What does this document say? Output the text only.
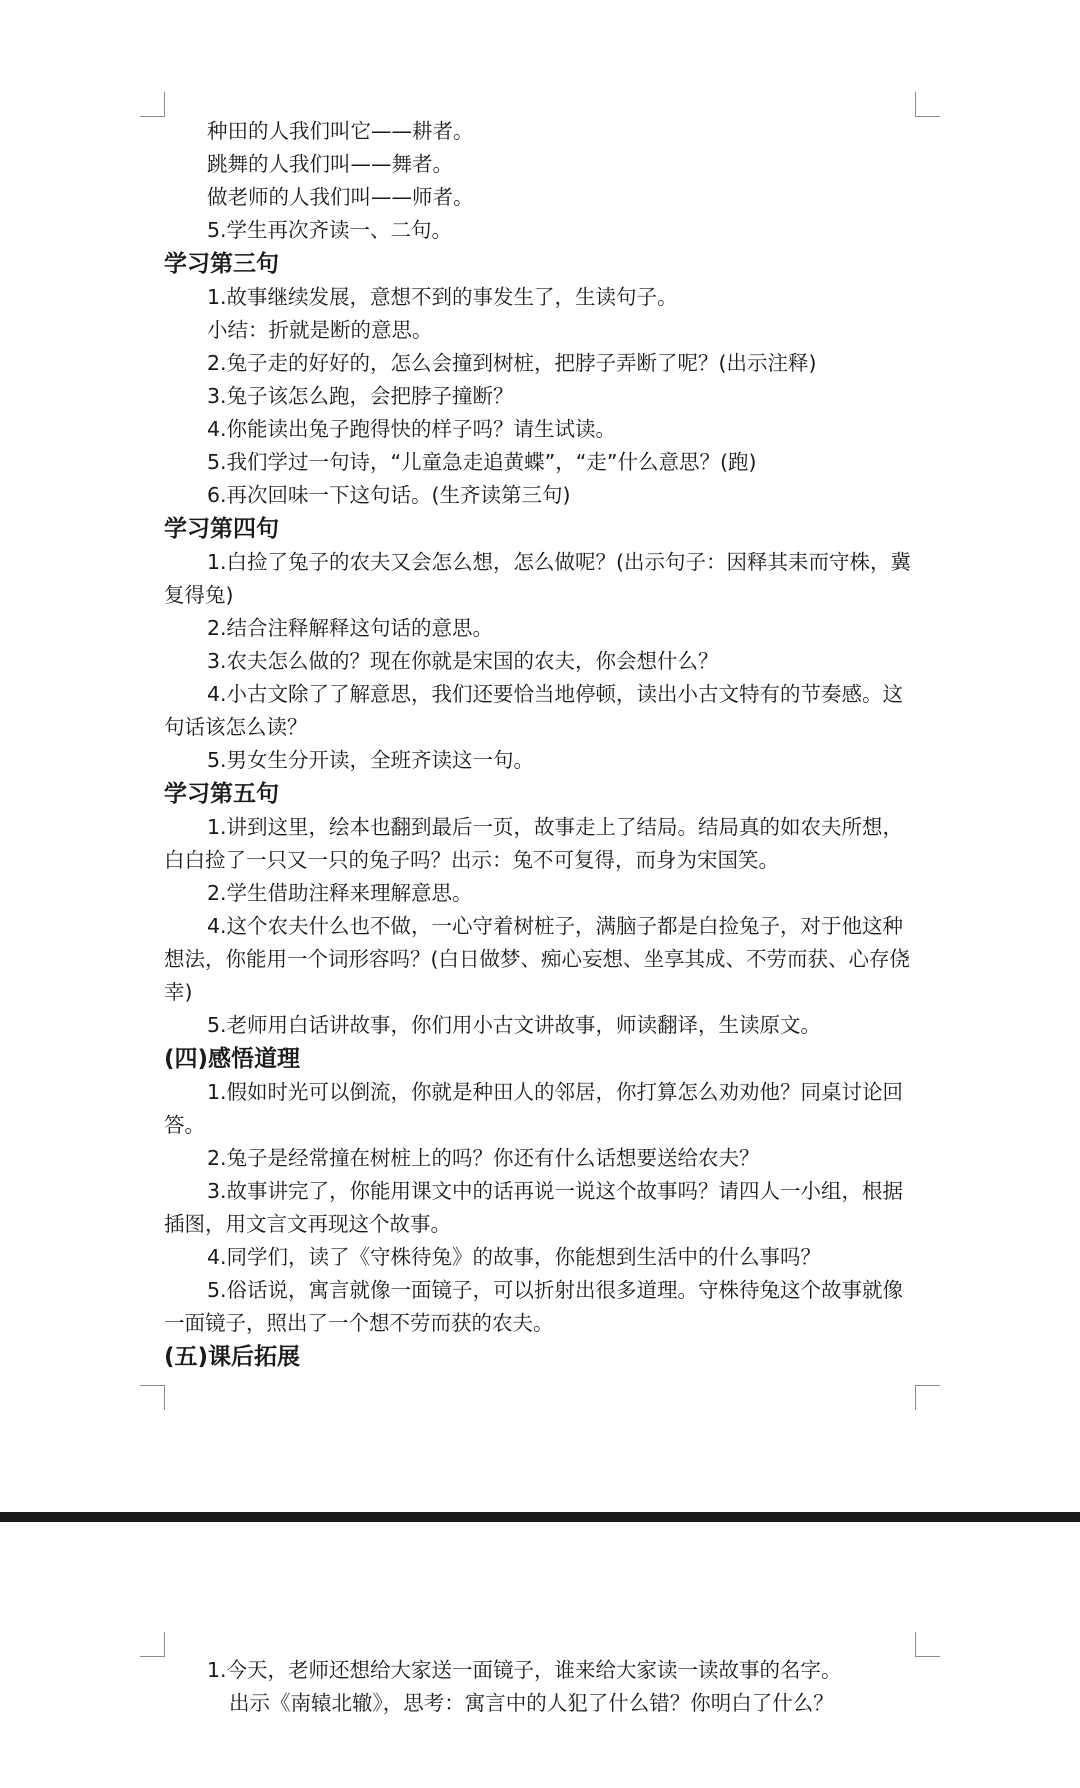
种田的人我们叫它——耕者。

跳舞的人我们叫——舞者。

做老师的人我们叫——师者。

5.学生再次齐读一、二句。

学习第三句

1.故事继续发展，意想不到的事发生了，生读句子。

小结：折就是断的意思。

2.兔子走的好好的，怎么会撞到树桩，把脖子弄断了呢？(出示注释)

3.兔子该怎么跑，会把脖子撞断？

4.你能读出兔子跑得快的样子吗？请生试读。

5.我们学过一句诗，“儿童急走追黄蝶”，“走”什么意思？(跑)

6.再次回味一下这句话。(生齐读第三句)

学习第四句

1.白捡了兔子的农夫又会怎么想，怎么做呢？(出示句子：因释其耒而守株，冀复得兔)

2.结合注释解释这句话的意思。

3.农夫怎么做的？现在你就是宋国的农夫，你会想什么？

4.小古文除了了解意思，我们还要恰当地停顿，读出小古文特有的节奏感。这句话该怎么读？

5.男女生分开读，全班齐读这一句。

学习第五句

1.讲到这里，绘本也翻到最后一页，故事走上了结局。结局真的如农夫所想，白白捡了一只又一只的兔子吗？出示：兔不可复得，而身为宋国笑。

2.学生借助注释来理解意思。

4.这个农夫什么也不做，一心守着树桩子，满脑子都是白捡兔子，对于他这种想法，你能用一个词形容吗？(白日做梦、痴心妄想、坐享其成、不劳而获、心存侥幸)

5.老师用白话讲故事，你们用小古文讲故事，师读翻译，生读原文。

(四)感悟道理

1.假如时光可以倒流，你就是种田人的邻居，你打算怎么劝劝他？同桌讨论回答。

2.兔子是经常撞在树桩上的吗？你还有什么话想要送给农夫？

3.故事讲完了，你能用课文中的话再说一说这个故事吗？请四人一小组，根据插图，用文言文再现这个故事。

4.同学们，读了《守株待兔》的故事，你能想到生活中的什么事吗？

5.俗话说，寓言就像一面镜子，可以折射出很多道理。守株待兔这个故事就像一面镜子，照出了一个想不劳而获的农夫。

(五)课后拓展

1.今天，老师还想给大家送一面镜子，谁来给大家读一读故事的名字。

出示《南辕北辙》，思考：寓言中的人犯了什么错？你明白了什么？
